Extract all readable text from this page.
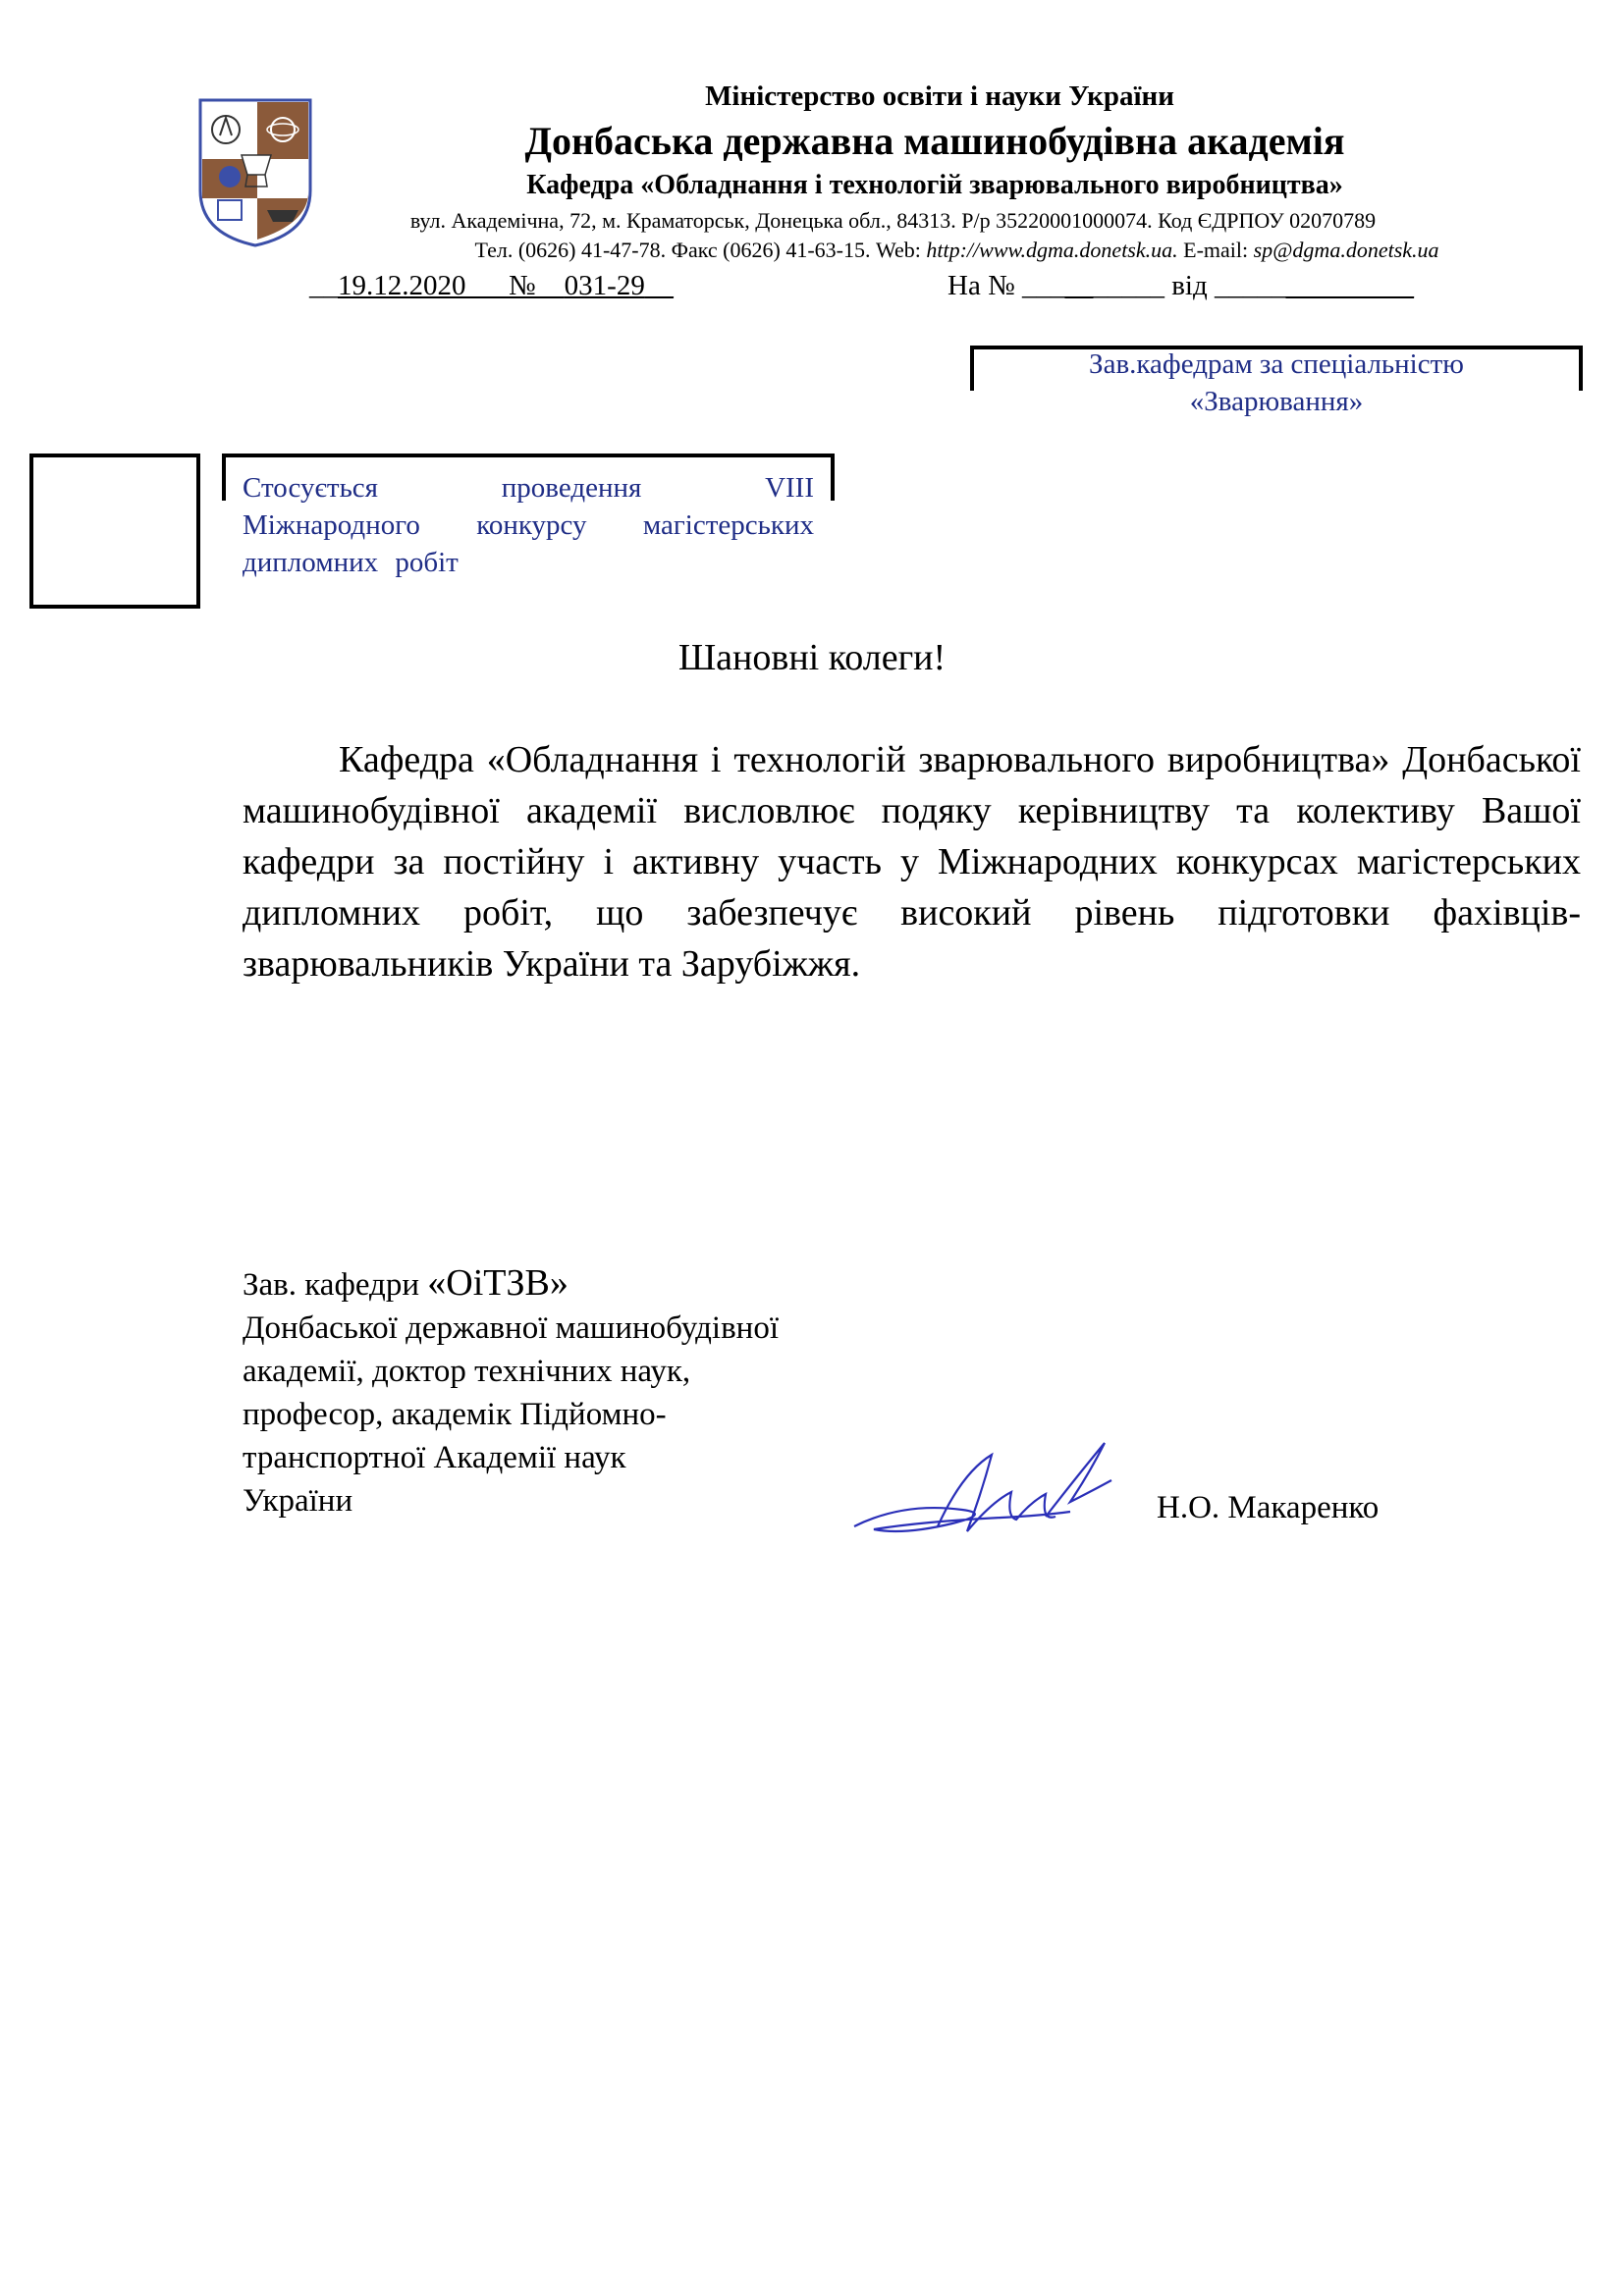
Міністерство освіти і науки України
Донбаська державна машинобудівна академія
Кафедра «Обладнання і технологій зварювального виробництва»
вул. Академічна, 72, м. Краматорськ, Донецька обл., 84313. Р/р 35220001000074. Код ЄДРПОУ 02070789
Тел. (0626) 41-47-78. Факс (0626) 41-63-15. Web: http://www.dgma.donetsk.ua. E-mail: sp@dgma.donetsk.ua
__19.12.2020___№__031-29__	На № __________ від ______________
Зав.кафедрам за спеціальністю
«Зварювання»
Стосується	проведення	VIII
Міжнародного конкурсу магістерських
дипломних робіт
Шановні колеги!
Кафедра «Обладнання і технологій зварювального виробництва» Донбаської машинобудівної академії висловлює подяку керівництву та колективу Вашої кафедри за постійну і активну участь у Міжнародних конкурсах магістерських дипломних робіт, що забезпечує високий рівень підготовки фахівців-зварювальників України та Зарубіжжя.
Зав. кафедри «ОіТЗВ»
Донбаської державної машинобудівної
академії, доктор технічних наук,
професор, академік Підйомно-
транспортної Академії наук
України	Н.О. Макаренко
